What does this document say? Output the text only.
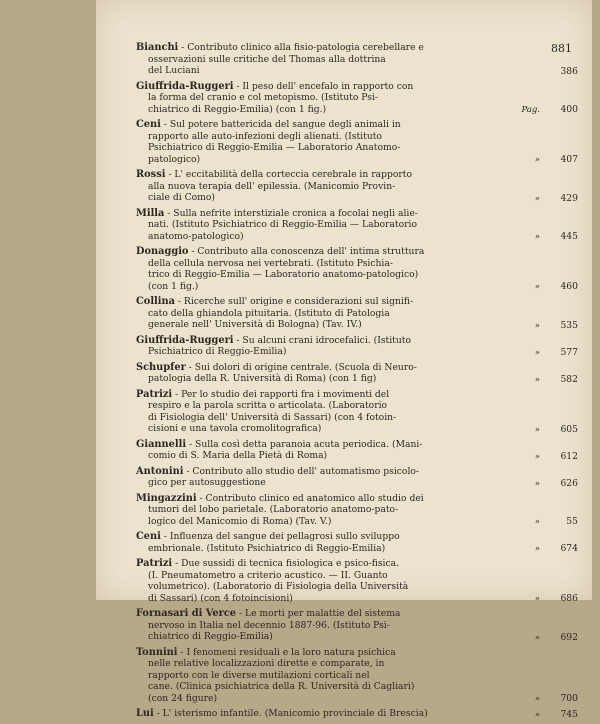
881
Bianchi - Contributo clinico alla fisio-patologia cerebellare e
osservazioni sulle critiche del Thomas alla dottrina
del Luciani	386
Giuffrida-Ruggeri - Il peso dell' encefalo in rapporto con
la forma del cranio e col metopismo. (Istituto Psi-
chiatrico di Reggio-Emilia) (con 1 fig.)	Pag.	400
Ceni - Sul potere battericida del sangue degli animali in
rapporto alle auto-infezioni degli alienati. (Istituto
Psichiatrico di Reggio-Emilia — Laboratorio Anatomo-
patologico)	»	407
Rossi - L' eccitabilità della corteccia cerebrale in rapporto
alla nuova terapia dell' epilessia. (Manicomio Provin-
ciale di Como)	»	429
Milla - Sulla nefrite interstiziale cronica a focolai negli alie-
nati. (Istituto Psichiatrico di Reggio-Emilia — Laboratorio
anatomo-patologico)	»	445
Donaggio - Contributo alla conoscenza dell' intima struttura
della cellula nervosa nei vertebrati. (Istituto Psichia-
trico di Reggio-Emilia — Laboratorio anatomo-patologico)
(con 1 fig.)	»	460
Collina - Ricerche sull' origine e considerazioni sul signifi-
cato della ghiandola pituitaria. (Istituto di Patologia
generale nell' Università di Bologna) (Tav. IV.)	»	535
Giuffrida-Ruggeri - Su alcuni crani idrocefalici. (Istituto
Psichiatrico di Reggio-Emilia)	»	577
Schupfer - Sui dolori di origine centrale. (Scuola di Neuro-
patologia della R. Università di Roma) (con 1 fig)	»	582
Patrizi - Per lo studio dei rapporti fra i movimenti del
respiro e la parola scritta o articolata. (Laboratorio
di Fisiologia dell' Università di Sassari) (con 4 fotoin-
cisioni e una tavola cromolitografica)	»	605
Giannelli - Sulla così detta paranoia acuta periodica. (Mani-
comio di S. Maria della Pietà di Roma)	»	612
Antonini - Contributo allo studio dell' automatismo psicolo-
gico per autosuggestione	»	626
Mingazzini - Contributo clinico ed anatomico allo studio dei
tumori del lobo parietale. (Laboratorio anatomo-pato-
logico del Manicomio di Roma) (Tav. V.)	»	55
Ceni - Influenza del sangue dei pellagrosi sullo sviluppo
embrionale. (Istituto Psichiatrico di Reggio-Emilia)	»	674
Patrizi - Due sussidi di tecnica fisiologica e psico-fisica.
(I. Pneumatometro a criterio acustico. — II. Guanto
volumetrico). (Laboratorio di Fisiologia della Università
di Sassari) (con 4 fotoincisioni)	»	686
Fornasari di Verce - Le morti per malattie del sistema
nervoso in Italia nel decennio 1887-96. (Istituto Psi-
chiatrico di Reggio-Emilia)	»	692
Tonnini - I fenomeni residuali e la loro natura psichica
nelle relative localizzazioni dirette e comparate, in
rapporto con le diverse mutilazioni corticali nel
cane. (Clinica psichiatrica della R. Università di Cagliari)
(con 24 figure)	»	700
Lui - L' isterismo infantile. (Manicomio provinciale di Brescia)	»	745
